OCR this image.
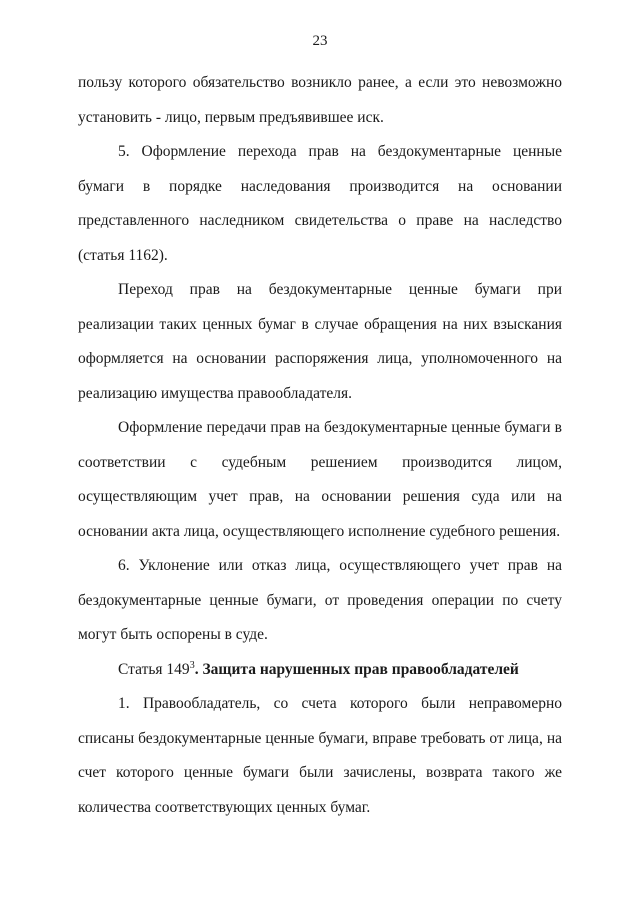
23

пользу которого обязательство возникло ранее, а если это невозможно установить - лицо, первым предъявившее иск.

5. Оформление перехода прав на бездокументарные ценные бумаги в порядке наследования производится на основании представленного наследником свидетельства о праве на наследство (статья 1162).

Переход прав на бездокументарные ценные бумаги при реализации таких ценных бумаг в случае обращения на них взыскания оформляется на основании распоряжения лица, уполномоченного на реализацию имущества правообладателя.

Оформление передачи прав на бездокументарные ценные бумаги в соответствии с судебным решением производится лицом, осуществляющим учет прав, на основании решения суда или на основании акта лица, осуществляющего исполнение судебного решения.

6. Уклонение или отказ лица, осуществляющего учет прав на бездокументарные ценные бумаги, от проведения операции по счету могут быть оспорены в суде.

Статья $149^3$. Защита нарушенных прав правообладателей

1. Правообладатель, со счета которого были неправомерно списаны бездокументарные ценные бумаги, вправе требовать от лица, на счет которого ценные бумаги были зачислены, возврата такого же количества соответствующих ценных бумаг.
